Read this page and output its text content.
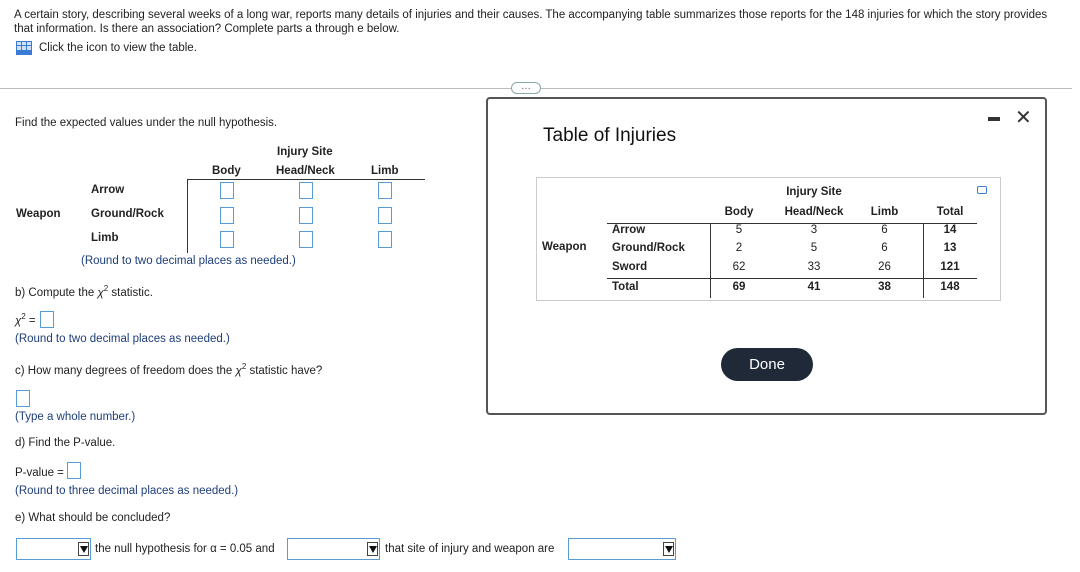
A certain story, describing several weeks of a long war, reports many details of injuries and their causes. The accompanying table summarizes those reports for the 148 injuries for which the story provides that information. Is there an association? Complete parts a through e below.
Click the icon to view the table.
…
Find the expected values under the null hypothesis.
Injury Site
Body	Head/Neck	Limb
Arrow
Weapon	Ground/Rock
Limb
(Round to two decimal places as needed.)
b) Compute the $\chi^2$ statistic.
$\chi^2$ =
(Round to two decimal places as needed.)
c) How many degrees of freedom does the $\chi^2$ statistic have?
(Type a whole number.)
d) Find the P-value.
P-value =
(Round to three decimal places as needed.)
e) What should be concluded?
the null hypothesis for α = 0.05 and	that site of injury and weapon are
Table of Injuries
✕
Injury Site
Body	Head/Neck	Limb	Total
Weapon
Arrow	5	3	6	14
Ground/Rock	2	5	6	13
Sword	62	33	26	121
Total	69	41	38	148
Done
